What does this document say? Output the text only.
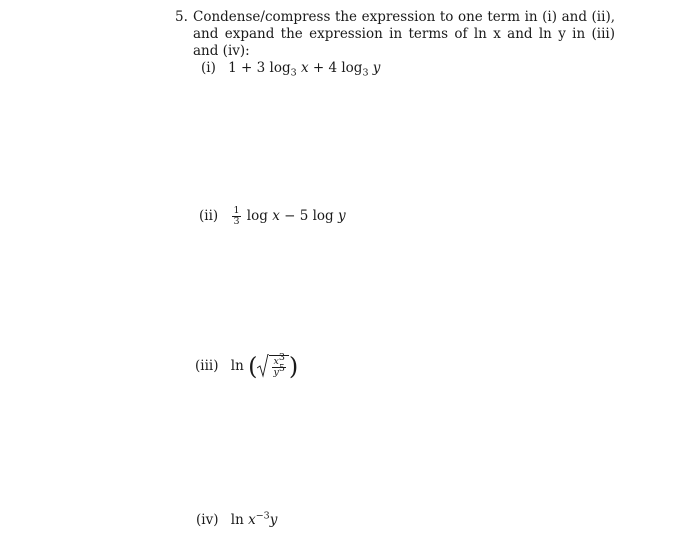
5. Condense/compress the expression to one term in (i) and (ii), and expand the expression in terms of ln x and ln y in (iii) and (iv):
(i) 1 + 3 $\log_3 x + 4$ $\log_3 y$
$(ii) \frac{1}{3}$ log x − 5 log y
(iii) ln ( $\frac{x^3}{y^5}$ )
(iv) $\ln x^{-3}y$
